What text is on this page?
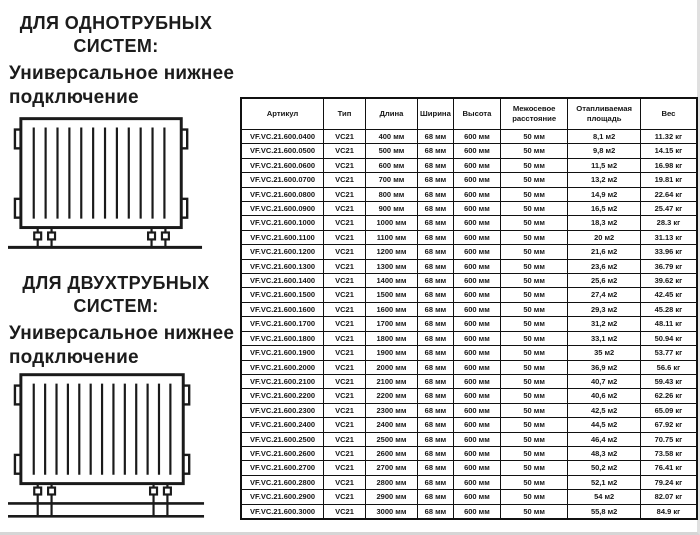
ДЛЯ ОДНОТРУБНЫХ СИСТЕМ:
Универсальное нижнее подключение
ДЛЯ ДВУХТРУБНЫХ СИСТЕМ:
Универсальное нижнее подключение
Артикул	Тип	Длина	Ширина	Высота	Межосевое расстояние	Отапливаемая площадь	Вес
VF.VC.21.600.0400	VC21	400 мм	68 мм	600 мм	50 мм	8,1 м2	11.32 кг
VF.VC.21.600.0500	VC21	500 мм	68 мм	600 мм	50 мм	9,8 м2	14.15 кг
VF.VC.21.600.0600	VC21	600 мм	68 мм	600 мм	50 мм	11,5 м2	16.98 кг
VF.VC.21.600.0700	VC21	700 мм	68 мм	600 мм	50 мм	13,2 м2	19.81 кг
VF.VC.21.600.0800	VC21	800 мм	68 мм	600 мм	50 мм	14,9 м2	22.64 кг
VF.VC.21.600.0900	VC21	900 мм	68 мм	600 мм	50 мм	16,5 м2	25.47 кг
VF.VC.21.600.1000	VC21	1000 мм	68 мм	600 мм	50 мм	18,3 м2	28.3 кг
VF.VC.21.600.1100	VC21	1100 мм	68 мм	600 мм	50 мм	20 м2	31.13 кг
VF.VC.21.600.1200	VC21	1200 мм	68 мм	600 мм	50 мм	21,6 м2	33.96 кг
VF.VC.21.600.1300	VC21	1300 мм	68 мм	600 мм	50 мм	23,6 м2	36.79 кг
VF.VC.21.600.1400	VC21	1400 мм	68 мм	600 мм	50 мм	25,6 м2	39.62 кг
VF.VC.21.600.1500	VC21	1500 мм	68 мм	600 мм	50 мм	27,4 м2	42.45 кг
VF.VC.21.600.1600	VC21	1600 мм	68 мм	600 мм	50 мм	29,3 м2	45.28 кг
VF.VC.21.600.1700	VC21	1700 мм	68 мм	600 мм	50 мм	31,2 м2	48.11 кг
VF.VC.21.600.1800	VC21	1800 мм	68 мм	600 мм	50 мм	33,1 м2	50.94 кг
VF.VC.21.600.1900	VC21	1900 мм	68 мм	600 мм	50 мм	35 м2	53.77 кг
VF.VC.21.600.2000	VC21	2000 мм	68 мм	600 мм	50 мм	36,9 м2	56.6 кг
VF.VC.21.600.2100	VC21	2100 мм	68 мм	600 мм	50 мм	40,7 м2	59.43 кг
VF.VC.21.600.2200	VC21	2200 мм	68 мм	600 мм	50 мм	40,6 м2	62.26 кг
VF.VC.21.600.2300	VC21	2300 мм	68 мм	600 мм	50 мм	42,5 м2	65.09 кг
VF.VC.21.600.2400	VC21	2400 мм	68 мм	600 мм	50 мм	44,5 м2	67.92 кг
VF.VC.21.600.2500	VC21	2500 мм	68 мм	600 мм	50 мм	46,4 м2	70.75 кг
VF.VC.21.600.2600	VC21	2600 мм	68 мм	600 мм	50 мм	48,3 м2	73.58 кг
VF.VC.21.600.2700	VC21	2700 мм	68 мм	600 мм	50 мм	50,2 м2	76.41 кг
VF.VC.21.600.2800	VC21	2800 мм	68 мм	600 мм	50 мм	52,1 м2	79.24 кг
VF.VC.21.600.2900	VC21	2900 мм	68 мм	600 мм	50 мм	54 м2	82.07 кг
VF.VC.21.600.3000	VC21	3000 мм	68 мм	600 мм	50 мм	55,8 м2	84.9 кг
